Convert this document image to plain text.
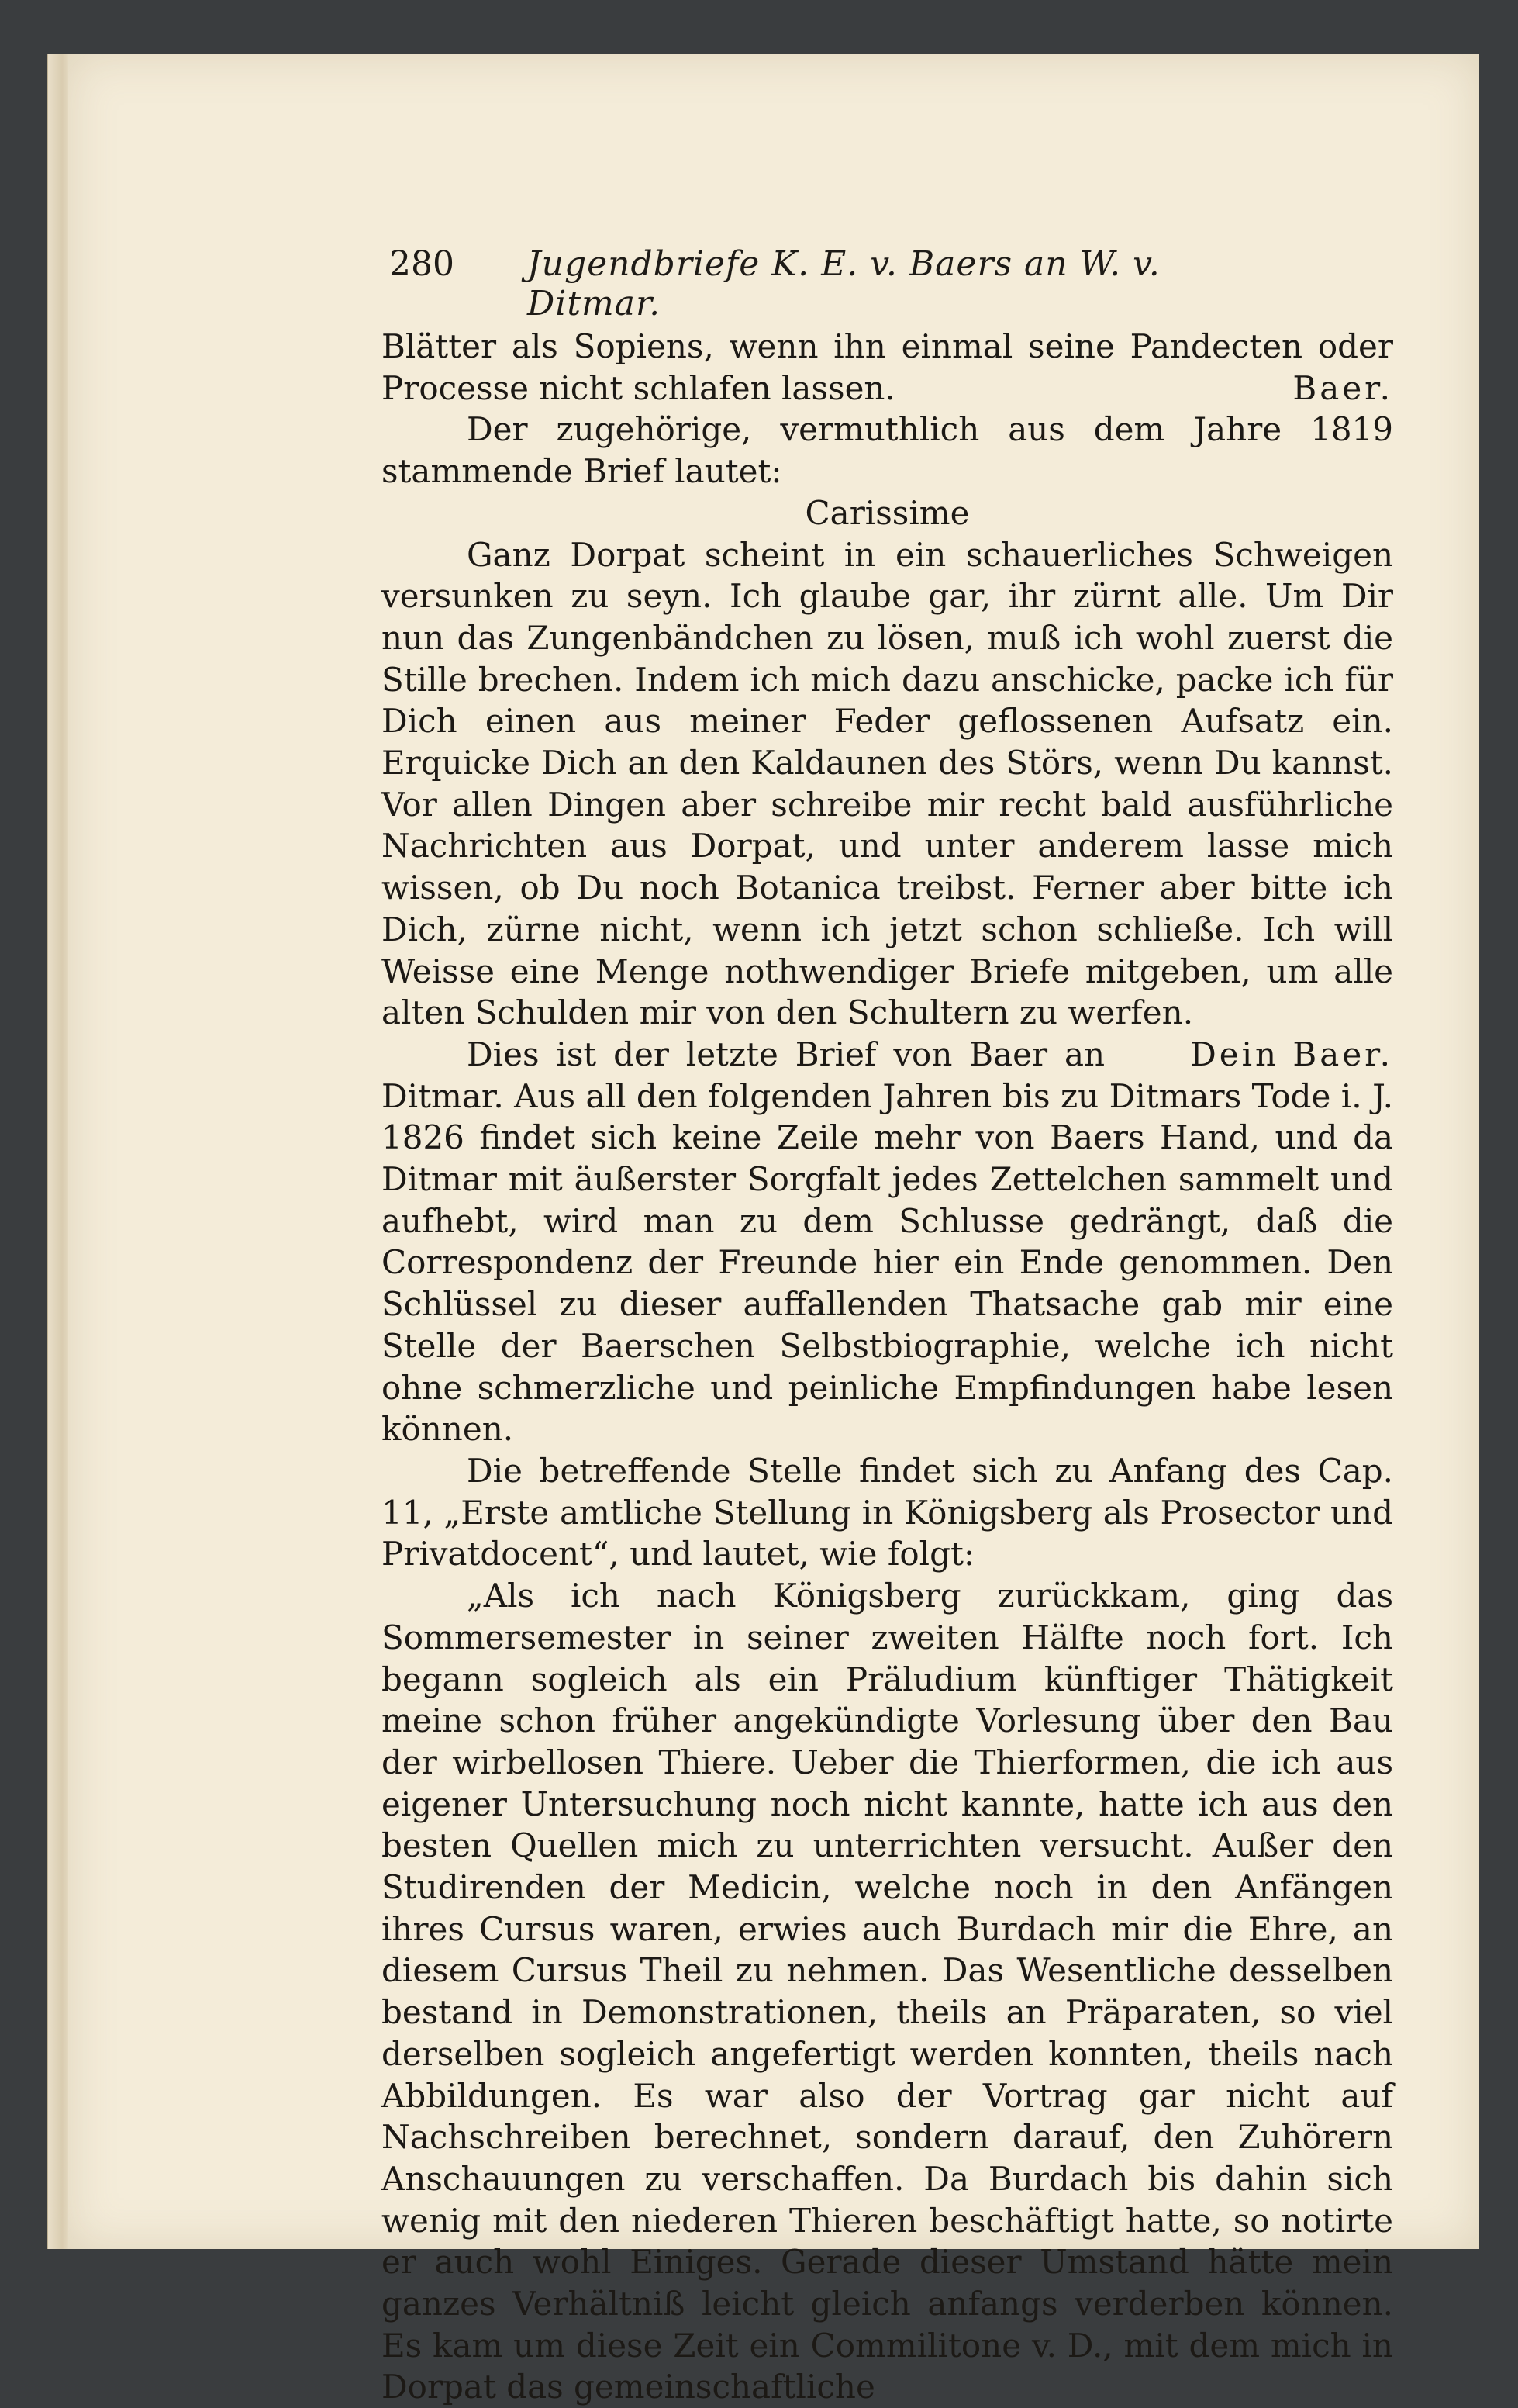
280 Jugendbriefe K. E. v. Baers an W. v. Ditmar.

Blätter als Sopiens, wenn ihn einmal seine Pandecten oder Processe nicht schlafen lassen.	Baer.

Der zugehörige, vermuthlich aus dem Jahre 1819 stammende Brief lautet:

Carissime

Ganz Dorpat scheint in ein schauerliches Schweigen versunken zu seyn. Ich glaube gar, ihr zürnt alle. Um Dir nun das Zungenbändchen zu lösen, muß ich wohl zuerst die Stille brechen. Indem ich mich dazu anschicke, packe ich für Dich einen aus meiner Feder geflossenen Aufsatz ein. Erquicke Dich an den Kaldaunen des Störs, wenn Du kannst. Vor allen Dingen aber schreibe mir recht bald ausführliche Nachrichten aus Dorpat, und unter anderem lasse mich wissen, ob Du noch Botanica treibst. Ferner aber bitte ich Dich, zürne nicht, wenn ich jetzt schon schließe. Ich will Weisse eine Menge nothwendiger Briefe mitgeben, um alle alten Schulden mir von den Schultern zu werfen.
Dein Baer.

Dies ist der letzte Brief von Baer an Ditmar. Aus all den folgenden Jahren bis zu Ditmars Tode i. J. 1826 findet sich keine Zeile mehr von Baers Hand, und da Ditmar mit äußerster Sorgfalt jedes Zettelchen sammelt und aufhebt, wird man zu dem Schlusse gedrängt, daß die Correspondenz der Freunde hier ein Ende genommen. Den Schlüssel zu dieser auffallenden Thatsache gab mir eine Stelle der Baerschen Selbstbiographie, welche ich nicht ohne schmerzliche und peinliche Empfindungen habe lesen können.

Die betreffende Stelle findet sich zu Anfang des Cap. 11, „Erste amtliche Stellung in Königsberg als Prosector und Privatdocent“, und lautet, wie folgt:

„Als ich nach Königsberg zurückkam, ging das Sommersemester in seiner zweiten Hälfte noch fort. Ich begann sogleich als ein Präludium künftiger Thätigkeit meine schon früher angekündigte Vorlesung über den Bau der wirbellosen Thiere. Ueber die Thierformen, die ich aus eigener Untersuchung noch nicht kannte, hatte ich aus den besten Quellen mich zu unterrichten versucht. Außer den Studirenden der Medicin, welche noch in den Anfängen ihres Cursus waren, erwies auch Burdach mir die Ehre, an diesem Cursus Theil zu nehmen. Das Wesentliche desselben bestand in Demonstrationen, theils an Präparaten, so viel derselben sogleich angefertigt werden konnten, theils nach Abbildungen. Es war also der Vortrag gar nicht auf Nachschreiben berechnet, sondern darauf, den Zuhörern Anschauungen zu verschaffen. Da Burdach bis dahin sich wenig mit den niederen Thieren beschäftigt hatte, so notirte er auch wohl Einiges. Gerade dieser Umstand hätte mein ganzes Verhältniß leicht gleich anfangs verderben können. Es kam um diese Zeit ein Commilitone v. D., mit dem mich in Dorpat das gemeinschaftliche
